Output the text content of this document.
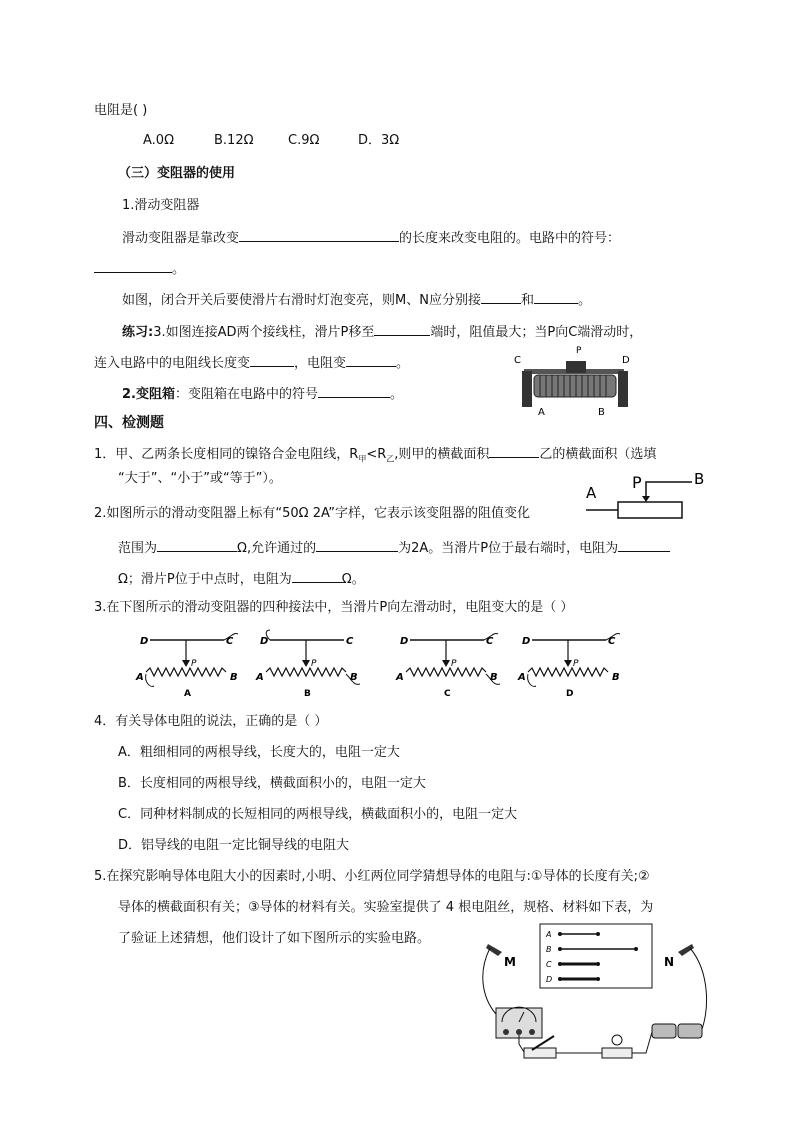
电阻是( )
A.0Ω	B.12Ω	C.9Ω	D．3Ω
（三）变阻器的使用
1.滑动变阻器
滑动变阻器是靠改变	的长度来改变电阻的。电路中的符号：
。
如图，闭合开关后要使滑片右滑时灯泡变亮，则M、N应分别接	和	。
练习:3.如图连接AD两个接线柱，滑片P移至	端时，阻值最大；当P向C端滑动时，
连入电路中的电阻线长度变	，电阻变	。
2.变阻箱：变阻箱在电路中的符号	。
C
P
D
A	B
四、检测题
1．甲、乙两条长度相同的镍铬合金电阻线，$R_甲<R_乙$,则甲的横截面积	乙的横截面积（选填
“大于”、“小于”或“等于”）。
A
P	B
2.如图所示的滑动变阻器上标有“50Ω 2A”字样，它表示该变阻器的阻值变化
范围为	Ω,允许通过的	为2A。当滑片P位于最右端时，电阻为
Ω；滑片P位于中点时，电阻为	Ω。
3.在下图所示的滑动变阻器的四种接法中，当滑片P向左滑动时，电阻变大的是（ ）
D	C
P
A	B
A
D	C
P
A	B
B
D	C
P
A	B
C
D	C
P
A	B
D
4．有关导体电阻的说法，正确的是（ ）
A．粗细相同的两根导线，长度大的，电阻一定大
B．长度相同的两根导线，横截面积小的，电阻一定大
C．同种材料制成的长短相同的两根导线，横截面积小的，电阻一定大
D．铝导线的电阻一定比铜导线的电阻大
5.在探究影响导体电阻大小的因素时,小明、小红两位同学猜想导体的电阻与:①导体的长度有关;②
导体的横截面积有关；③导体的材料有关。实验室提供了 4 根电阻丝，规格、材料如下表，为
了验证上述猜想，他们设计了如下图所示的实验电路。	A
B
C
D
M	N
